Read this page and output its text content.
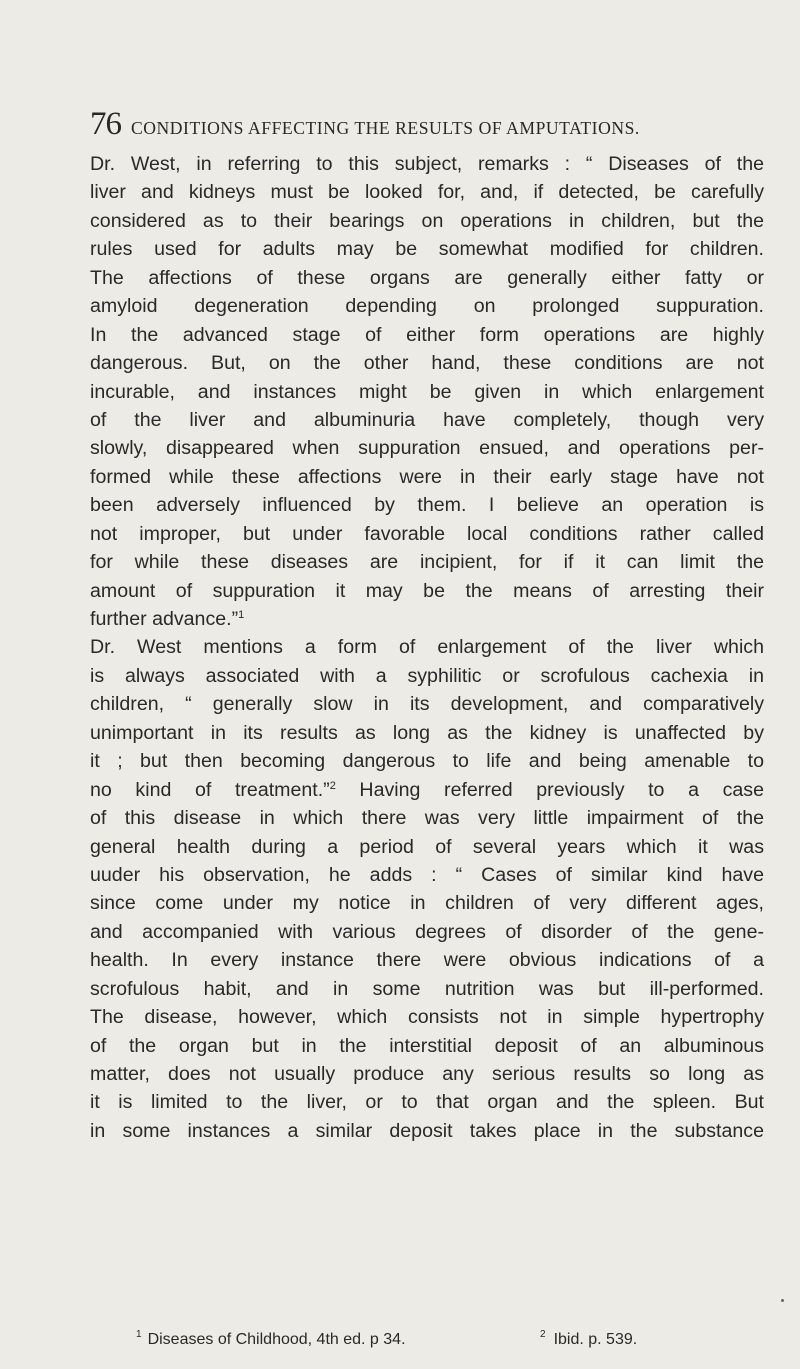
76 CONDITIONS AFFECTING THE RESULTS OF AMPUTATIONS.
Dr. West, in referring to this subject, remarks : “ Diseases of the
liver and kidneys must be looked for, and, if detected, be carefully
considered as to their bearings on operations in children, but the
rules used for adults may be somewhat modified for children.
The affections of these organs are generally either fatty or
amyloid degeneration depending on prolonged suppuration.
In the advanced stage of either form operations are highly
dangerous. But, on the other hand, these conditions are not
incurable, and instances might be given in which enlargement
of the liver and albuminuria have completely, though very
slowly, disappeared when suppuration ensued, and operations per-
formed while these affections were in their early stage have not
been adversely influenced by them. I believe an operation is
not improper, but under favorable local conditions rather called
for while these diseases are incipient, for if it can limit the
amount of suppuration it may be the means of arresting their
further advance.”$^1$
Dr. West mentions a form of enlargement of the liver which
is always associated with a syphilitic or scrofulous cachexia in
children, “ generally slow in its development, and comparatively
unimportant in its results as long as the kidney is unaffected by
it ; but then becoming dangerous to life and being amenable to
no kind of treatment.”$^2$ Having referred previously to a case
of this disease in which there was very little impairment of the
general health during a period of several years which it was
uuder his observation, he adds : “ Cases of similar kind have
since come under my notice in children of very different ages,
and accompanied with various degrees of disorder of the gene-
health. In every instance there were obvious indications of a
scrofulous habit, and in some nutrition was but ill-performed.
The disease, however, which consists not in simple hypertrophy
of the organ but in the interstitial deposit of an albuminous
matter, does not usually produce any serious results so long as
it is limited to the liver, or to that organ and the spleen. But
in some instances a similar deposit takes place in the substance
$^1$ Diseases of Childhood, 4th ed. p 34.	$^2$ Ibid. p. 539.
